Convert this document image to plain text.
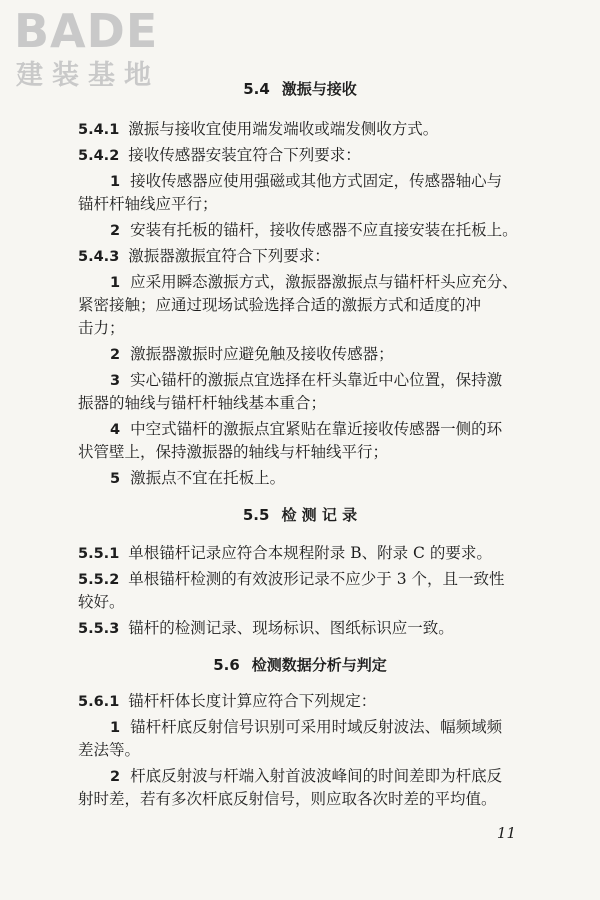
BADE
建装基地	5.4 激振与接收
5.4.1 激振与接收宜使用端发端收或端发侧收方式。
5.4.2 接收传感器安装宜符合下列要求：
1 接收传感器应使用强磁或其他方式固定，传感器轴心与
锚杆杆轴线应平行；
2 安装有托板的锚杆，接收传感器不应直接安装在托板上。
5.4.3 激振器激振宜符合下列要求：
1 应采用瞬态激振方式，激振器激振点与锚杆杆头应充分、
紧密接触；应通过现场试验选择合适的激振方式和适度的冲
击力；
2 激振器激振时应避免触及接收传感器；
3 实心锚杆的激振点宜选择在杆头靠近中心位置，保持激
振器的轴线与锚杆杆轴线基本重合；
4 中空式锚杆的激振点宜紧贴在靠近接收传感器一侧的环
状管壁上，保持激振器的轴线与杆轴线平行；
5 激振点不宜在托板上。
5.5 检 测 记 录
5.5.1 单根锚杆记录应符合本规程附录 B、附录 C 的要求。
5.5.2 单根锚杆检测的有效波形记录不应少于 3 个，且一致性
较好。
5.5.3 锚杆的检测记录、现场标识、图纸标识应一致。
5.6 检测数据分析与判定
5.6.1 锚杆杆体长度计算应符合下列规定：
1 锚杆杆底反射信号识别可采用时域反射波法、幅频域频
差法等。
2 杆底反射波与杆端入射首波波峰间的时间差即为杆底反
射时差，若有多次杆底反射信号，则应取各次时差的平均值。
11
